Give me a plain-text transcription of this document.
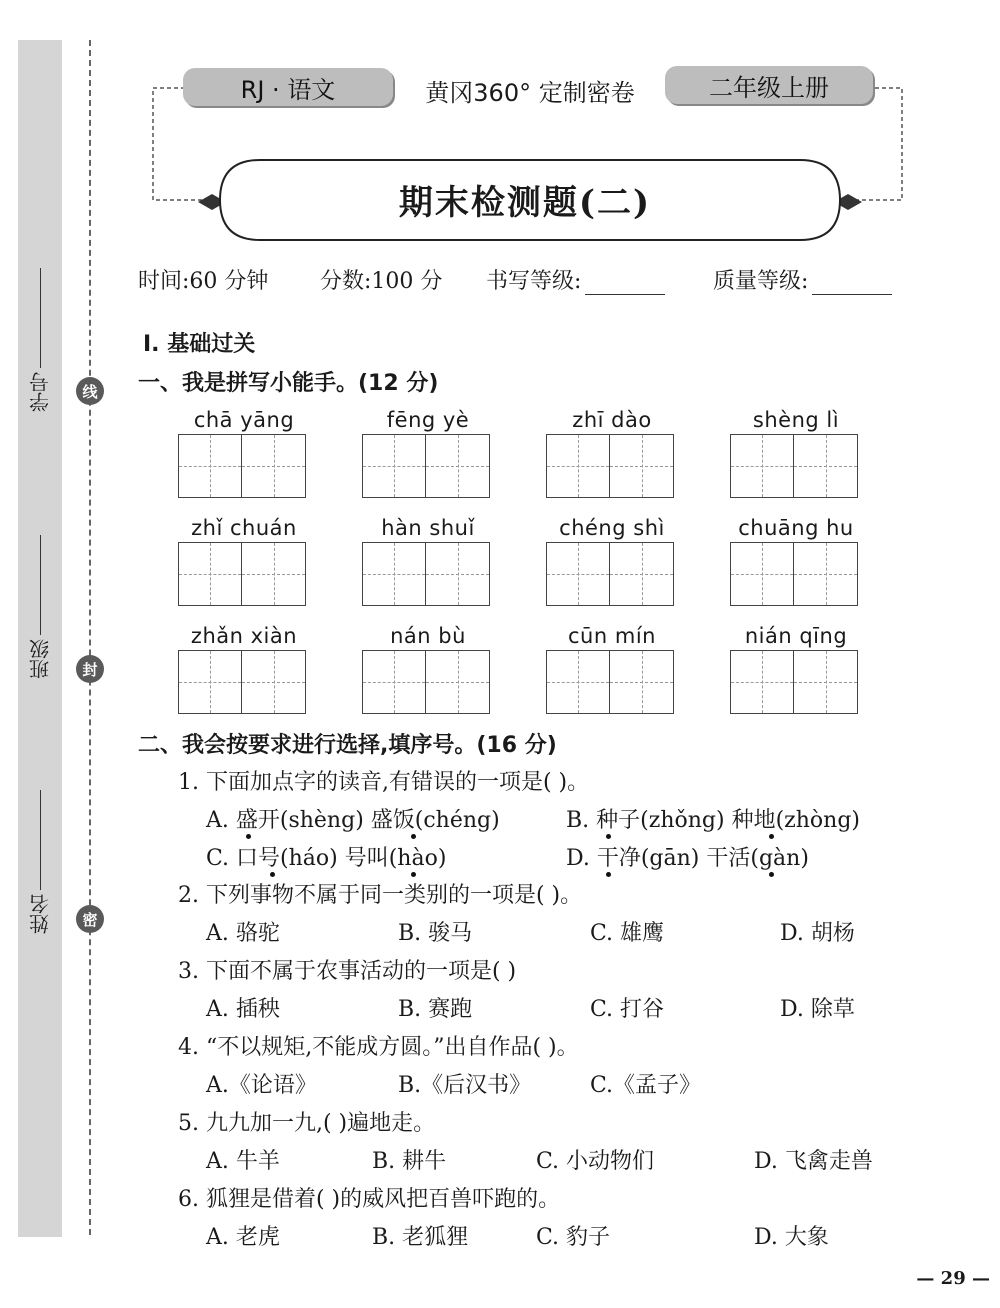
学号
班级
姓名
线
封
密
RJ · 语文	黄冈360° 定制密卷	二年级上册
期末检测题(二)
时间:60 分钟 分数:100 分 书写等级:	质量等级:
Ⅰ. 基础过关
一、我是拼写小能手。(12 分)
chā yāng	fēng yè	zhī dào	shèng lì
zhǐ chuán	hàn shuǐ	chéng shì	chuāng hu
zhǎn xiàn	nán bù	cūn mín	nián qīng
二、我会按要求进行选择,填序号。(16 分)
1. 下面加点字的读音,有错误的一项是( )。
A. 盛开(shèng) 盛饭(chéng)	B. 种子(zhǒng) 种地(zhòng)
C. 口号(háo) 号叫(hào)	D. 干净(gān) 干活(gàn)
2. 下列事物不属于同一类别的一项是( )。
A. 骆驼	B. 骏马	C. 雄鹰	D. 胡杨
3. 下面不属于农事活动的一项是( )
A. 插秧	B. 赛跑	C. 打谷	D. 除草
4. “不以规矩,不能成方圆。”出自作品( )。
A.《论语》	B.《后汉书》	C.《孟子》
5. 九九加一九,( )遍地走。
A. 牛羊	B. 耕牛	C. 小动物们	D. 飞禽走兽
6. 狐狸是借着( )的威风把百兽吓跑的。
A. 老虎	B. 老狐狸	C. 豹子	D. 大象
— 29 —
